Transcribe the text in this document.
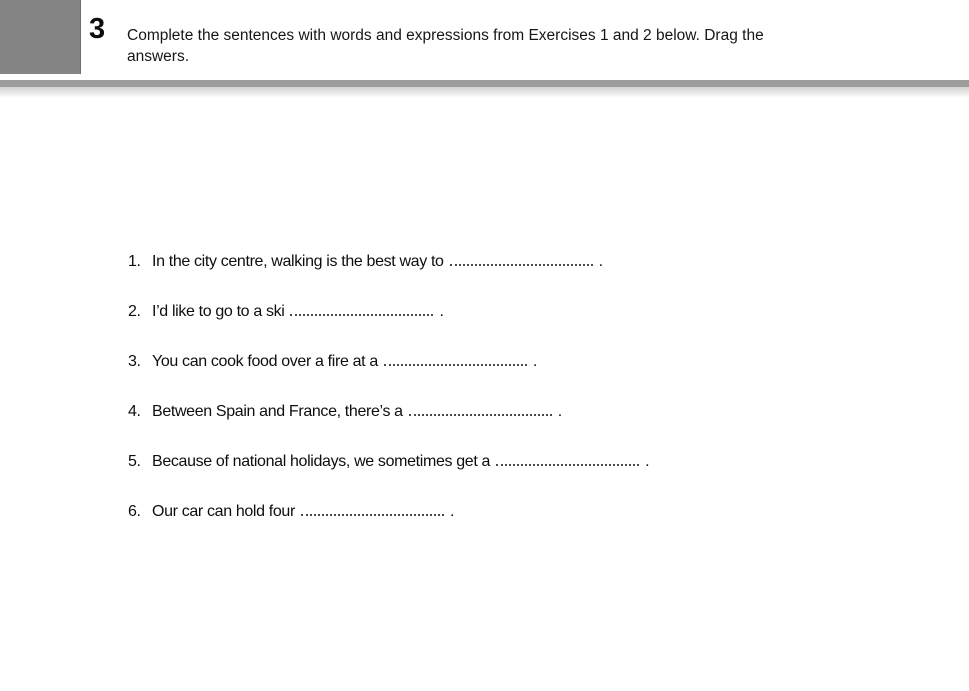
3 Complete the sentences with words and expressions from Exercises 1 and 2 below. Drag the
answers.
1. In the city centre, walking is the best way to	.
2. I’d like to go to a ski	.
3. You can cook food over a fire at a	.
4. Between Spain and France, there’s a	.
5. Because of national holidays, we sometimes get a	.
6. Our car can hold four	.
